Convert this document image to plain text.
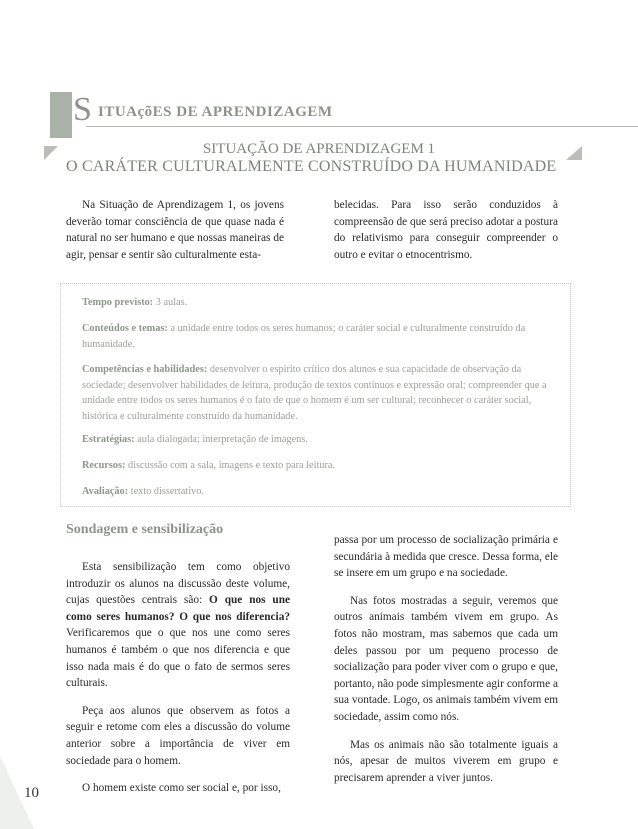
S ITUAçõES DE APRENDIZAGEM
SITUAÇÃO DE APRENDIZAGEM 1
O CARÁTER CULTURALMENTE CONSTRUÍDO DA HUMANIDADE

Na Situação de Aprendizagem 1, os jovens deverão tomar consciência de que quase nada é natural no ser humano e que nossas maneiras de agir, pensar e sentir são culturalmente esta-

belecidas. Para isso serão conduzidos à compreensão de que será preciso adotar a postura do relativismo para conseguir compreender o outro e evitar o etnocentrismo.

Tempo previsto: 3 aulas.
Conteúdos e temas: a unidade entre todos os seres humanos; o caráter social e culturalmente construído da humanidade.
Competências e habilidades: desenvolver o espírito crítico dos alunos e sua capacidade de observação da sociedade; desenvolver habilidades de leitura, produção de textos contínuos e expressão oral; compreender que a unidade entre todos os seres humanos é o fato de que o homem é um ser cultural; reconhecer o caráter social, histórica e culturalmente construído da humanidade.
Estratégias: aula dialogada; interpretação de imagens.
Recursos: discussão com a sala, imagens e texto para leitura.
Avaliação: texto dissertativo.
Sondagem e sensibilização

Esta sensibilização tem como objetivo introduzir os alunos na discussão deste volume, cujas questões centrais são: O que nos une como seres humanos? O que nos diferencia? Verificaremos que o que nos une como seres humanos é também o que nos diferencia e que isso nada mais é do que o fato de sermos seres culturais.

Peça aos alunos que observem as fotos a seguir e retome com eles a discussão do volume anterior sobre a importância de viver em sociedade para o homem.

O homem existe como ser social e, por isso,

passa por um processo de socialização primária e secundária à medida que cresce. Dessa forma, ele se insere em um grupo e na sociedade.

Nas fotos mostradas a seguir, veremos que outros animais também vivem em grupo. As fotos não mostram, mas sabemos que cada um deles passou por um pequeno processo de socialização para poder viver com o grupo e que, portanto, não pode simplesmente agir conforme a sua vontade. Logo, os animais também vivem em sociedade, assim como nós.

Mas os animais não são totalmente iguais a nós, apesar de muitos viverem em grupo e precisarem aprender a viver juntos.

10
